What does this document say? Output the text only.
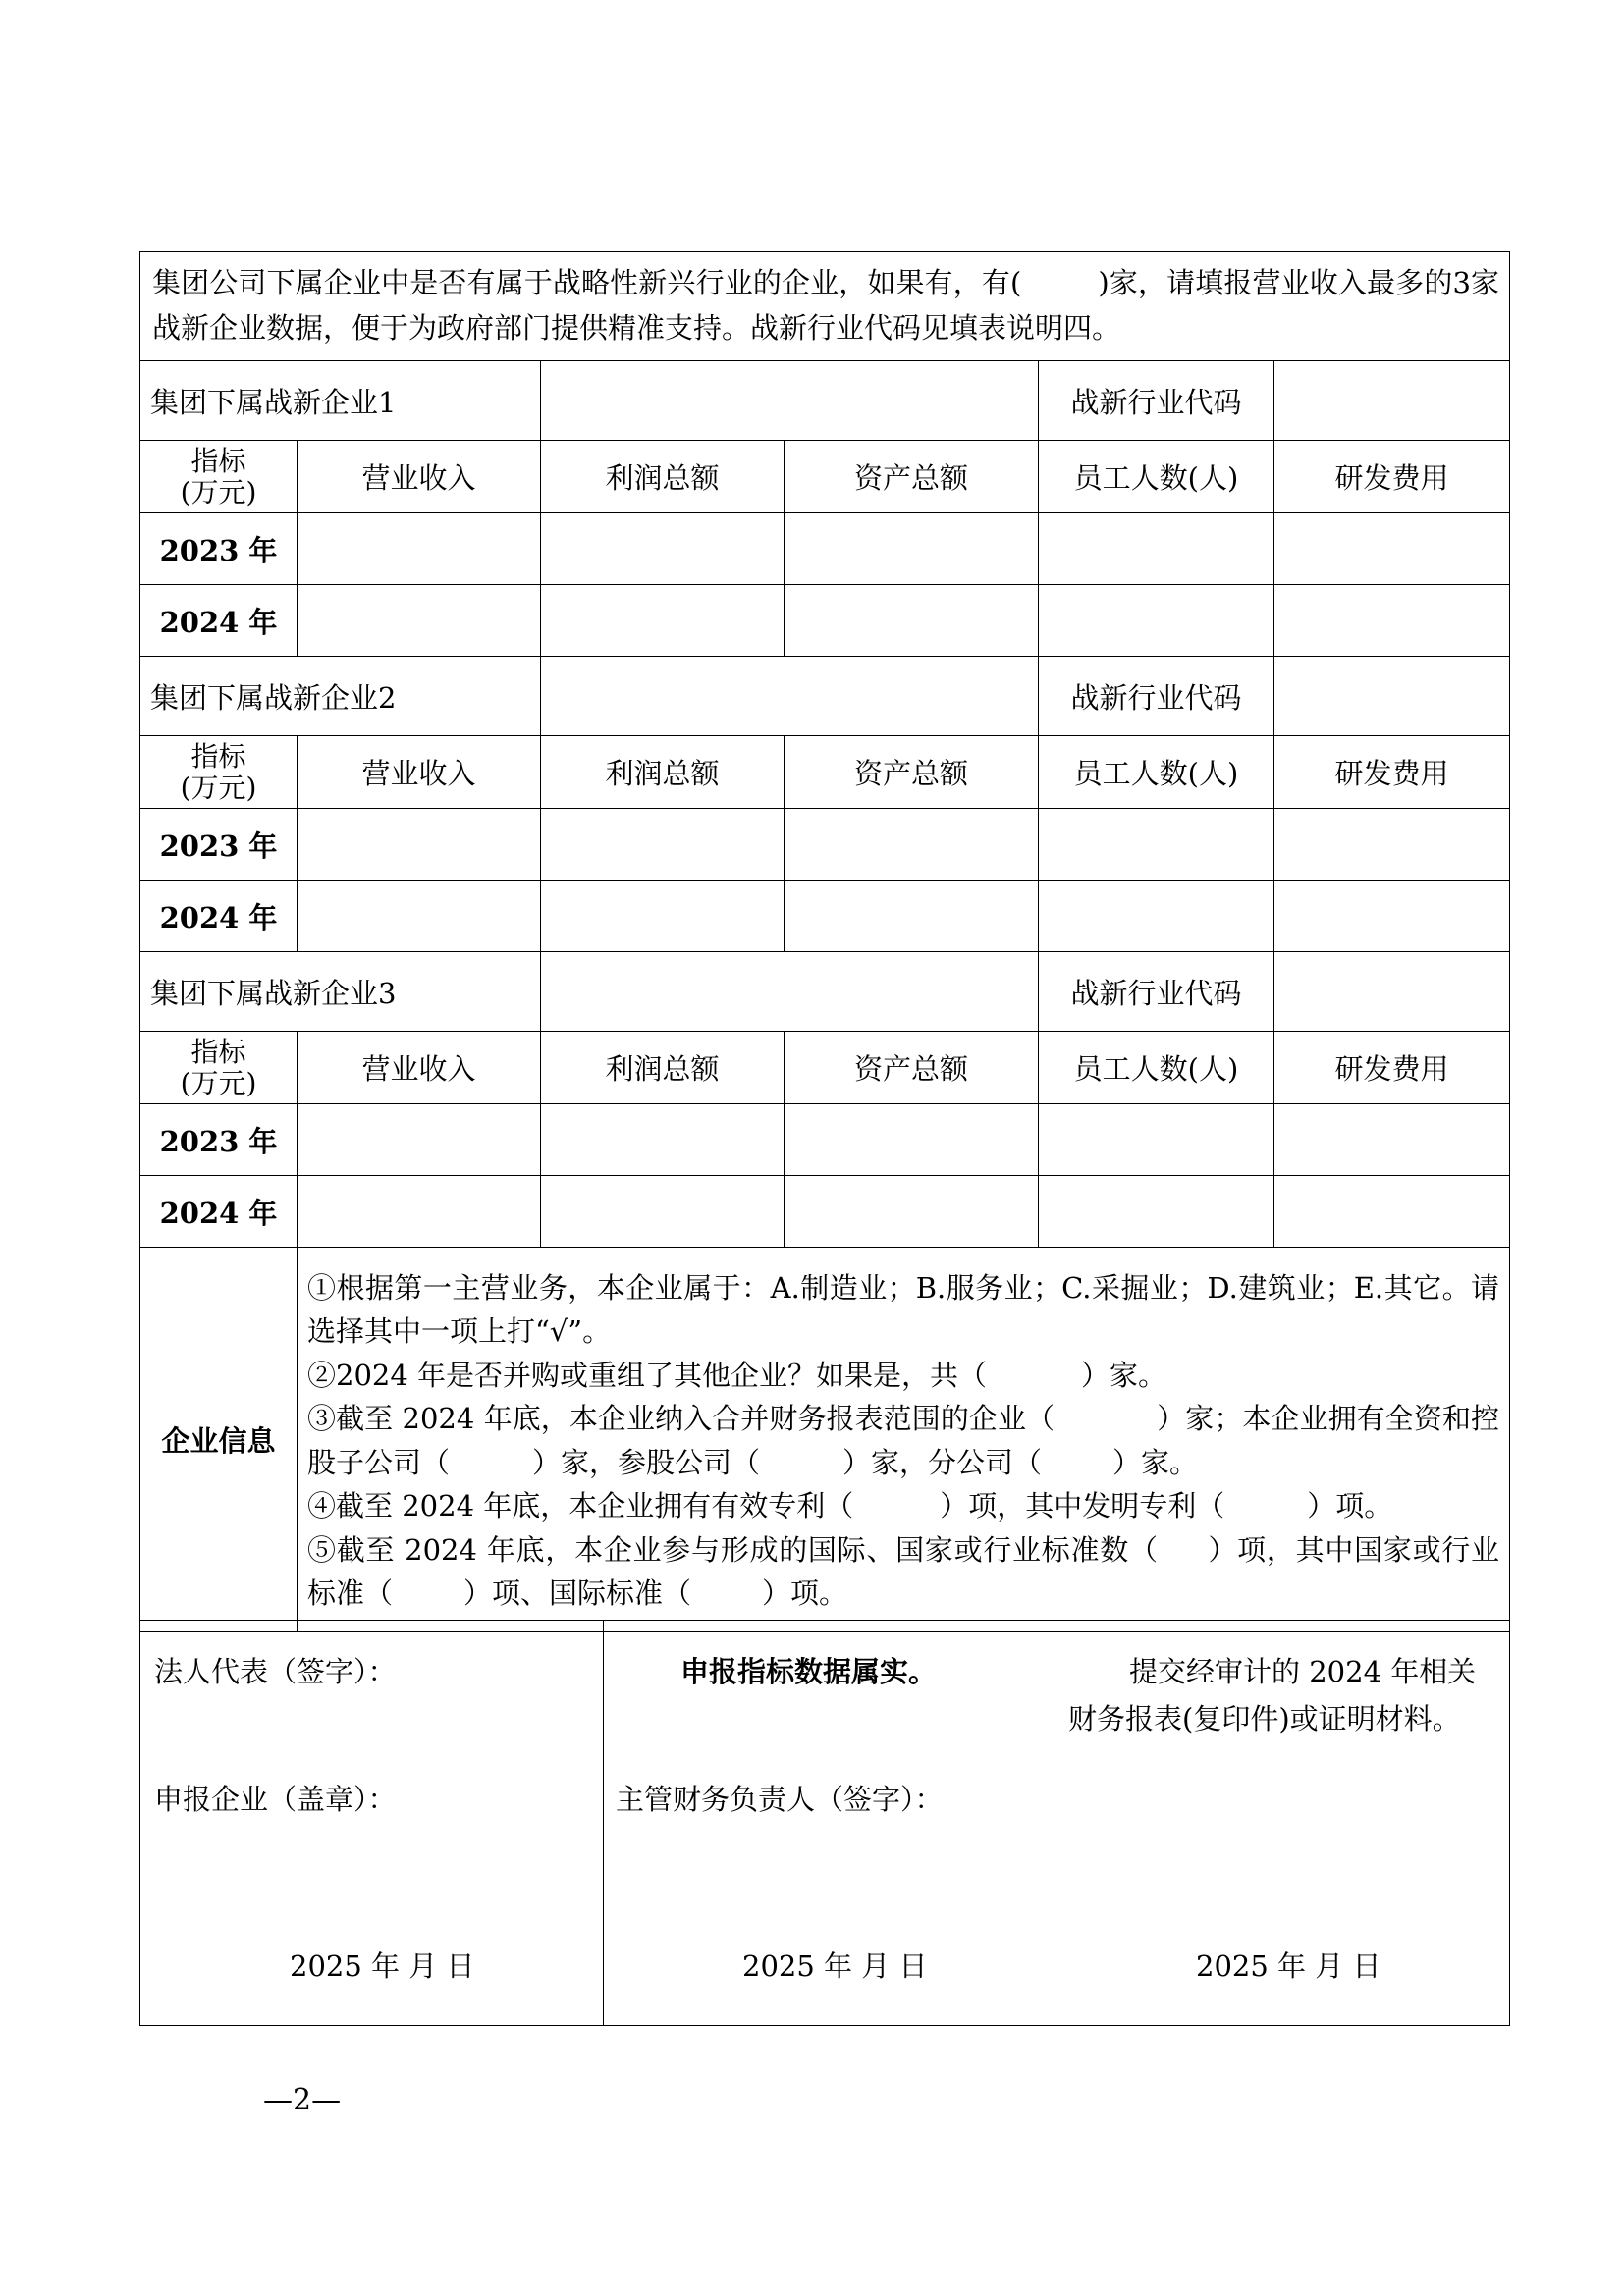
集团公司下属企业中是否有属于战略性新兴行业的企业，如果有，有( )家，请填报营业收入最多的3家战新企业数据，便于为政府部门提供精准支持。战新行业代码见填表说明四。					
集团下属战新企业1				战新行业代码	

指标
(万元)	营业收入	利润总额	资产总额	员工人数(人)	研发费用
2023 年					
2024 年					
集团下属战新企业2				战新行业代码	

指标
(万元)	营业收入	利润总额	资产总额	员工人数(人)	研发费用
2023 年					
2024 年					
集团下属战新企业3				战新行业代码	

指标
(万元)	营业收入	利润总额	资产总额	员工人数(人)	研发费用
2023 年					
2024 年					
企业信息	①根据第一主营业务，本企业属于：A.制造业；B.服务业；C.采掘业；D.建筑业；E.其它。请选择其中一项上打“√”。

②2024 年是否并购或重组了其他企业？如果是，共（ ）家。

③截至 2024 年底，本企业纳入合并财务报表范围的企业（ ）家；本企业拥有全资和控股子公司（ ）家，参股公司（ ）家，分公司（ ）家。

④截至 2024 年底，本企业拥有有效专利（ ）项，其中发明专利（ ）项。

⑤截至 2024 年底，本企业参与形成的国际、国家或行业标准数（ ）项，其中国家或行业标准（ ）项、国际标准（ ）项。				

法人代表（签字）：
申报企业（盖章）：
2025 年 月 日

申报指标数据属实。
主管财务负责人（签字）：
2025 年 月 日

提交经审计的 2024 年相关
财务报表(复印件)或证明材料。
2025 年 月 日
—2—
